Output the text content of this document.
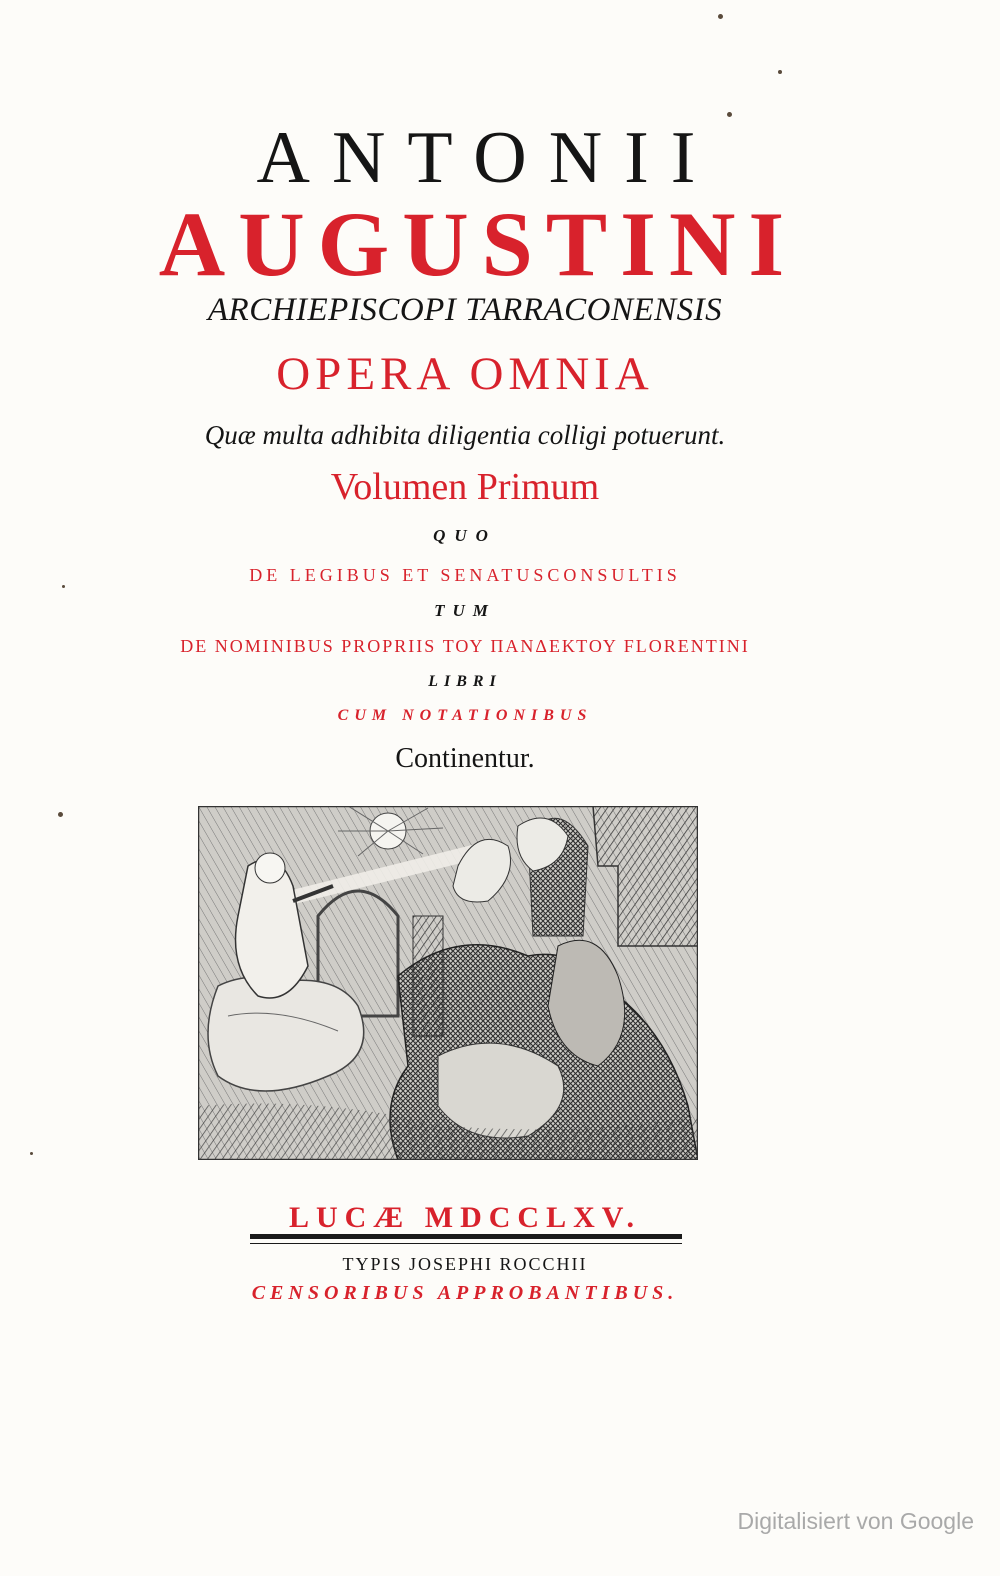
ANTONII
AUGUSTINI
ARCHIEPISCOPI TARRACONENSIS
OPERA OMNIA
Quæ multa adhibita diligentia colligi potuerunt.
Volumen Primum
QUO
DE LEGIBUS ET SENATUSCONSULTIS
TUM
DE NOMINIBUS PROPRIIS ΤΟΥ ΠΑΝΔΕΚΤΟΥ FLORENTINI
LIBRI
CUM NOTATIONIBUS
Continentur.
LUCÆ MDCCLXV.
TYPIS JOSEPHI ROCCHII
CENSORIBUS APPROBANTIBUS.
Digitalisiert von Google
